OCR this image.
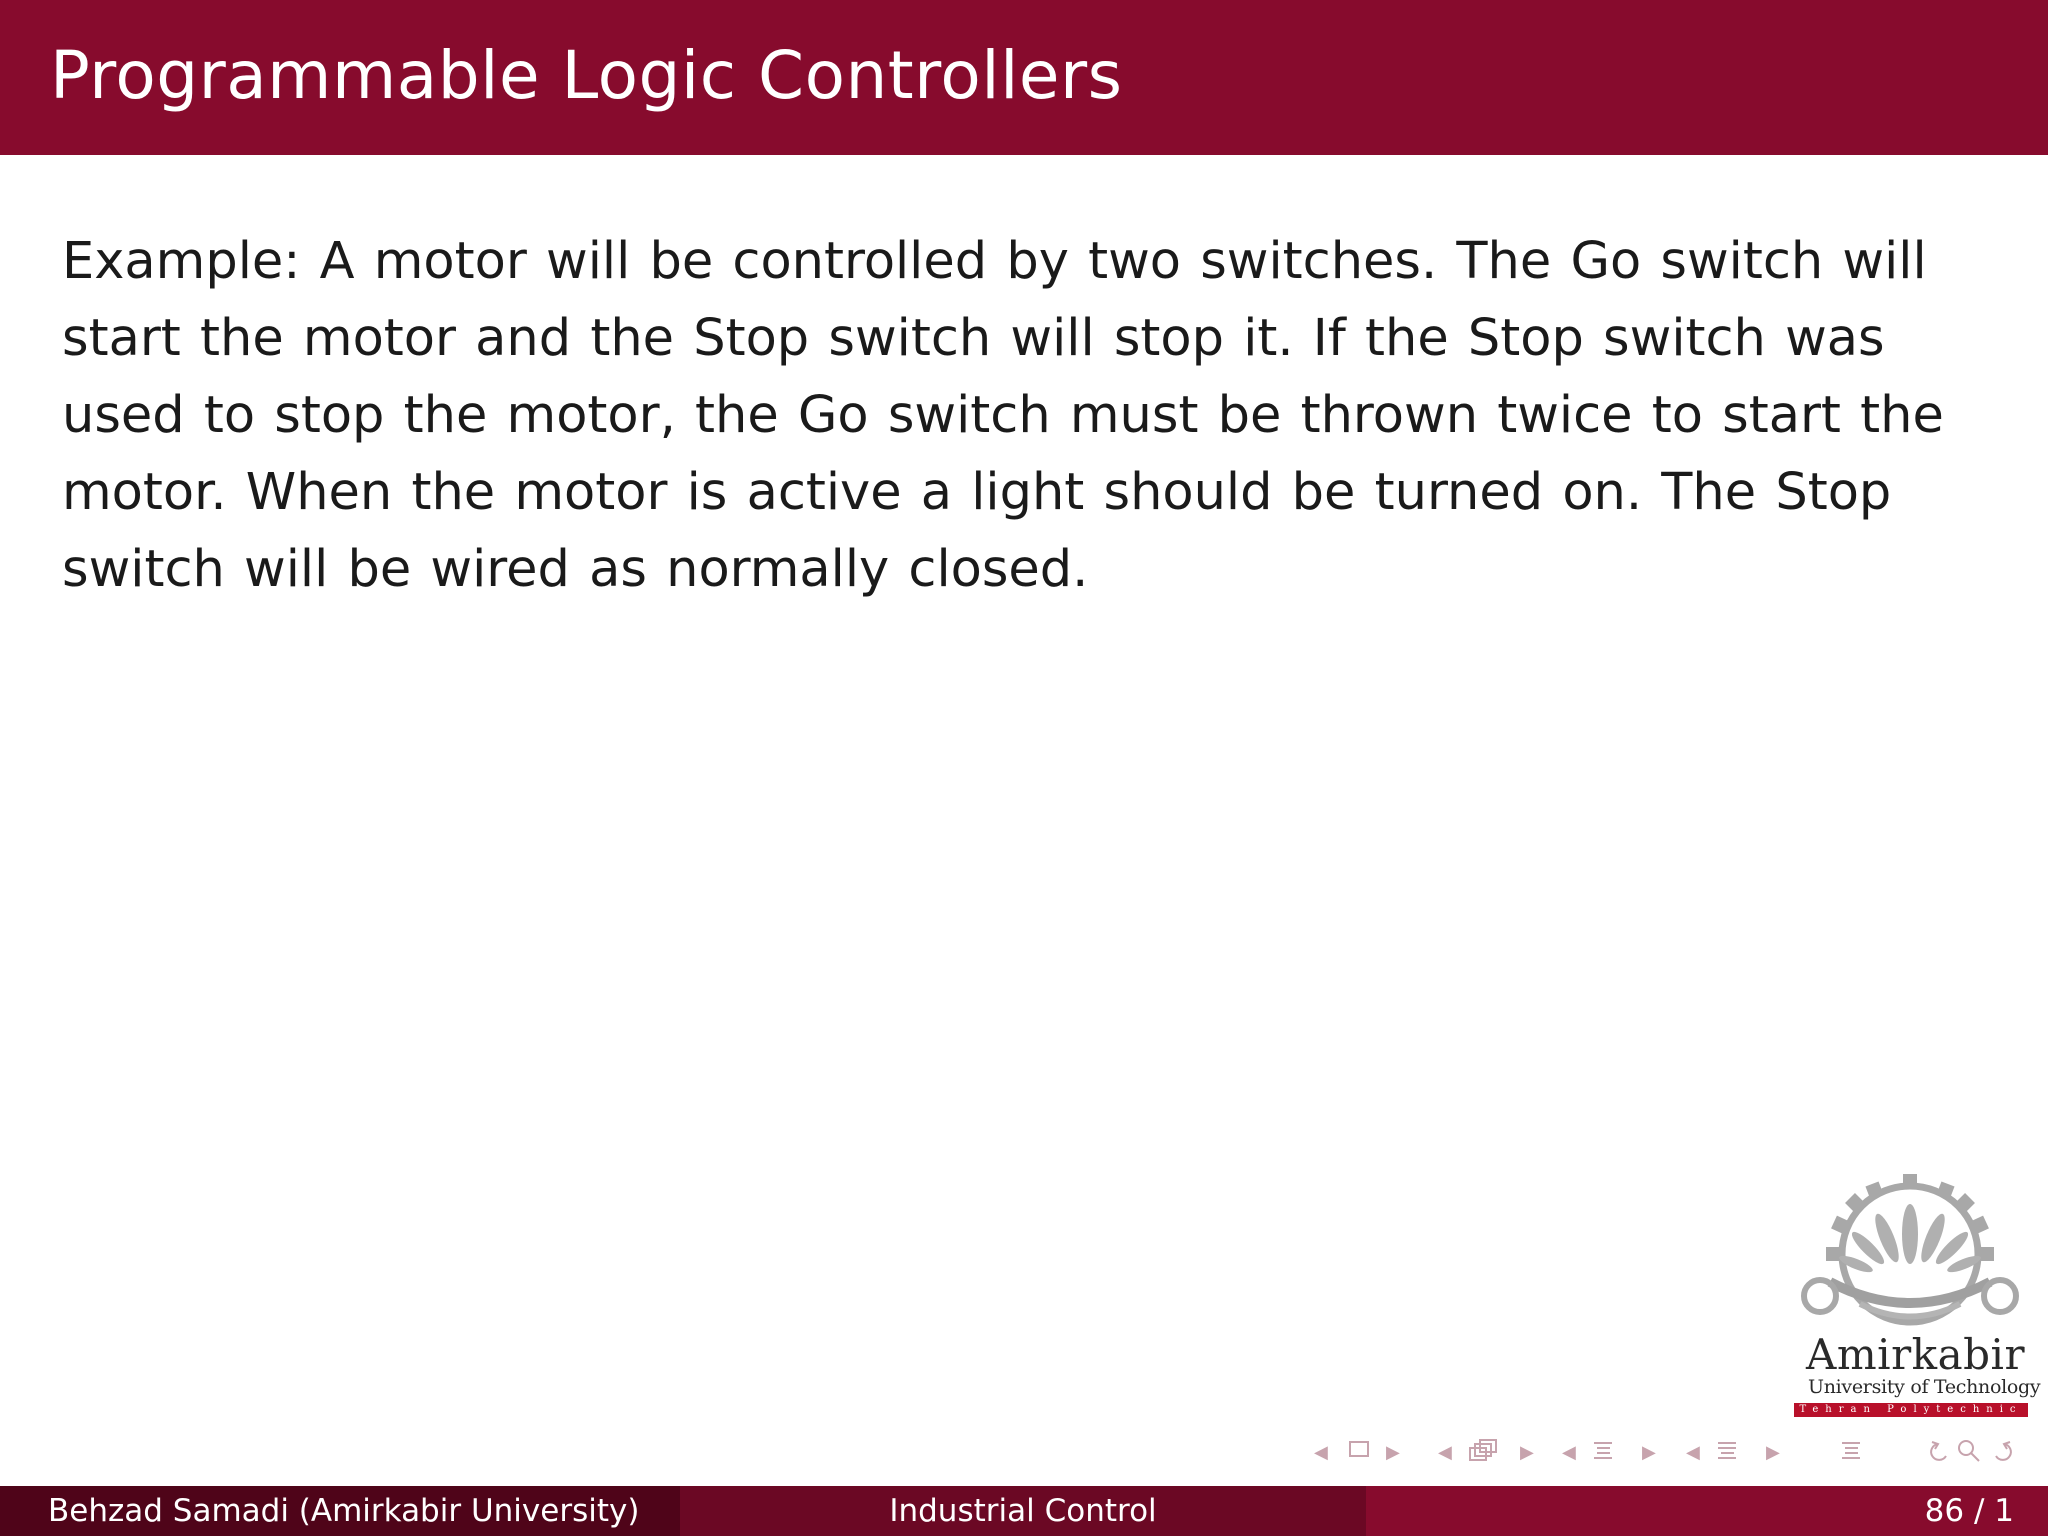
Programmable Logic Controllers
Example: A motor will be controlled by two switches. The Go switch will start the motor and the Stop switch will stop it. If the Stop switch was used to stop the motor, the Go switch must be thrown twice to start the motor. When the motor is active a light should be turned on. The Stop switch will be wired as normally closed.
Amirkabir
University of Technology
Tehran Polytechnic
◀	▶ ◀	▶ ◀	▶ ◀	▶
Behzad Samadi (Amirkabir University)	Industrial Control	86 / 1
